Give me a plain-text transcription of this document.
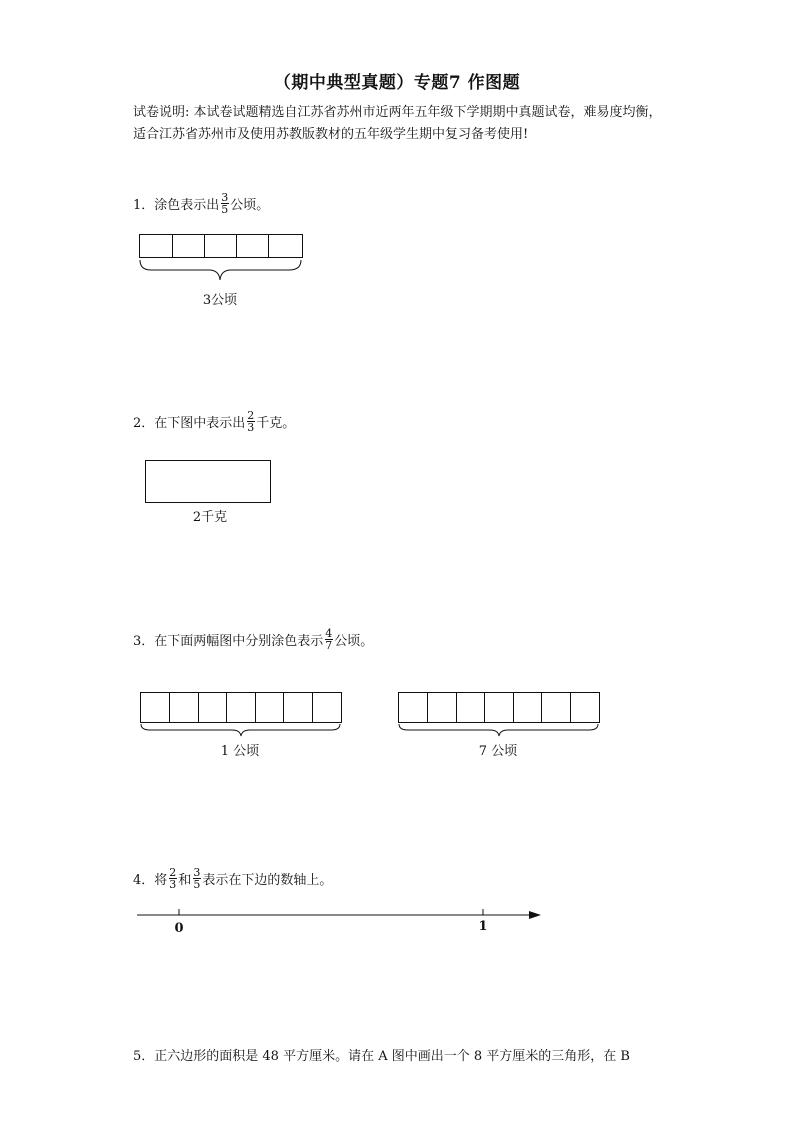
（期中典型真题）专题7 作图题
试卷说明: 本试卷试题精选自江苏省苏州市近两年五年级下学期期中真题试卷，难易度均衡，适合江苏省苏州市及使用苏教版教材的五年级学生期中复习备考使用!
1． 涂色表示出 $\frac{3}{5}$ 公顷。
3公顷
2． 在下图中表示出 $\frac{2}{3}$ 千克。
2千克
3． 在下面两幅图中分别涂色表示 $\frac{4}{7}$ 公顷。
1 公顷	7 公顷
4． 将 $\frac{2}{3}$ 和 $\frac{3}{5}$ 表示在下边的数轴上。
0	1
5． 正六边形的面积是 48 平方厘米。请在 A 图中画出一个 8 平方厘米的三角形，在 B
